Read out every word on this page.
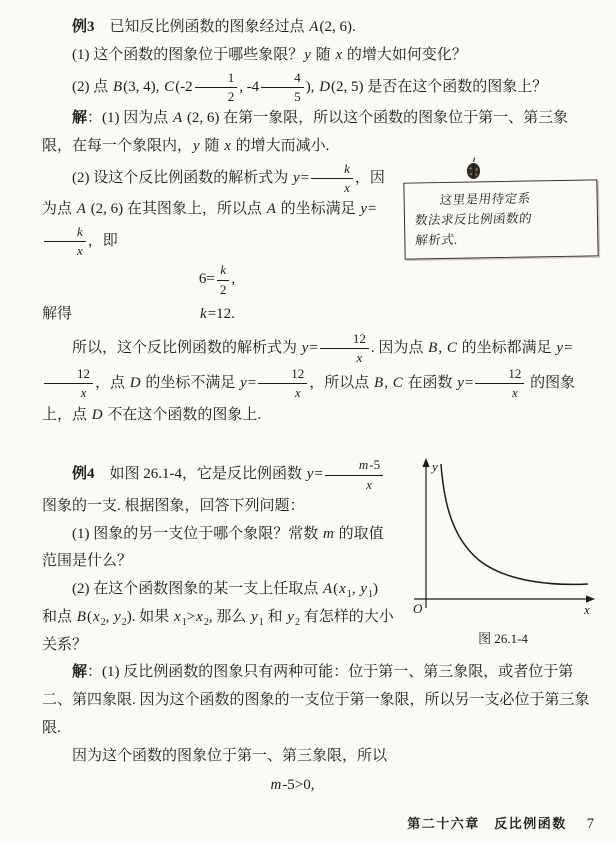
例3　已知反比例函数的图象经过点 A(2, 6).

(1) 这个函数的图象位于哪些象限？y 随 x 的增大如何变化？

(2) 点 B(3, 4), $C(-2 \frac{1}{2}$ , $-4 \frac{4}{5}$ ), D(2, 5) 是否在这个函数的图象上？

解：(1) 因为点 A (2, 6) 在第一象限，所以这个函数的图象位于第一、第三象限，在每一个象限内，y 随 x 的增大而减小.

这里是用待定系
数法求反比例函数的
解析式.

(2) 设这个反比例函数的解析式为 $y= \frac{k}{x}$ ，因为点 A (2, 6) 在其图象上，所以点 A 的坐标满足 y=
$\frac{k}{x}$ ，即

$6= \frac{k}{2}$ ,
解得	k=12.

所以，这个反比例函数的解析式为 $y= \frac{12}{x}$ . 因为点 B, C 的坐标都满足 y=
$\frac{12}{x}$ ，点 D 的坐标不满足 $y= \frac{12}{x}$ ，所以点 B, C 在函数 $y= \frac{12}{x}$ 的图象上，点 D 不在这个函数的图象上.

y
x
O
图 26.1-4

例4　如图 26.1-4，它是反比例函数 $y= \frac{m-5}{x}$
图象的一支. 根据图象，回答下列问题：

(1) 图象的另一支位于哪个象限？常数 m 的取值范围是什么？

(2) 在这个函数图象的某一支上任取点 $A(x_1$, $y_1$) 和点 $B(x_2$, $y_2$). 如果 $x_1>x_2$, 那么 $y_1$ 和 $y_2$ 有怎样的大小关系？

解：(1) 反比例函数的图象只有两种可能：位于第一、第三象限，或者位于第二、第四象限. 因为这个函数的图象的一支位于第一象限，所以另一支必位于第三象限.

因为这个函数的图象位于第一、第三象限，所以

m-5>0,
第二十六章　反比例函数 7
